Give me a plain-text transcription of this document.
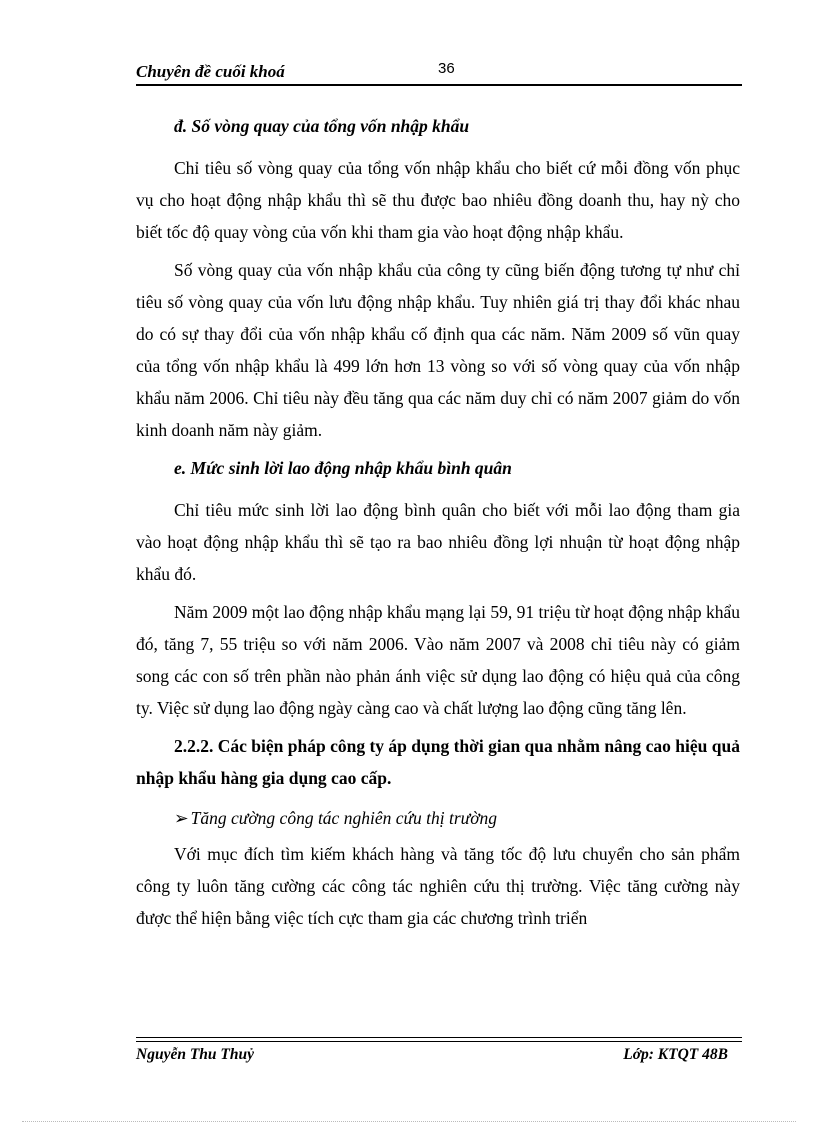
Chuyên đề cuối khoá	36
đ. Số vòng quay của tổng vốn nhập khẩu

Chỉ tiêu số vòng quay của tổng vốn nhập khẩu cho biết cứ mỗi đồng vốn phục vụ cho hoạt động nhập khẩu thì sẽ thu được bao nhiêu đồng doanh thu, hay nỳ cho biết tốc độ quay vòng của vốn khi tham gia vào hoạt động nhập khẩu.

Số vòng quay của vốn nhập khẩu của công ty cũng biến động tương tự như chỉ tiêu số vòng quay của vốn lưu động nhập khẩu. Tuy nhiên giá trị thay đổi khác nhau do có sự thay đổi của vốn nhập khẩu cố định qua các năm. Năm 2009 số vũn quay của tổng vốn nhập khẩu là 499 lớn hơn 13 vòng so với số vòng quay của vốn nhập khẩu năm 2006. Chỉ tiêu này đều tăng qua các năm duy chỉ có năm 2007 giảm do vốn kinh doanh năm này giảm.

e. Mức sinh lời lao động nhập khẩu bình quân

Chỉ tiêu mức sinh lời lao động bình quân cho biết với mỗi lao động tham gia vào hoạt động nhập khẩu thì sẽ tạo ra bao nhiêu đồng lợi nhuận từ hoạt động nhập khẩu đó.

Năm 2009 một lao động nhập khẩu mạng lại 59, 91 triệu từ hoạt động nhập khẩu đó, tăng 7, 55 triệu so với năm 2006. Vào năm 2007 và 2008 chỉ tiêu này có giảm song các con số trên phần nào phản ánh việc sử dụng lao động có hiệu quả của công ty. Việc sử dụng lao động ngày càng cao và chất lượng lao động cũng tăng lên.

2.2.2. Các biện pháp công ty áp dụng thời gian qua nhằm nâng cao hiệu quả nhập khẩu hàng gia dụng cao cấp.
➢ Tăng cường công tác nghiên cứu thị trường

Với mục đích tìm kiếm khách hàng và tăng tốc độ lưu chuyển cho sản phẩm công ty luôn tăng cường các công tác nghiên cứu thị trường. Việc tăng cường này được thể hiện bằng việc tích cực tham gia các chương trình triển

Nguyễn Thu Thuỷ	Lớp: KTQT 48B
